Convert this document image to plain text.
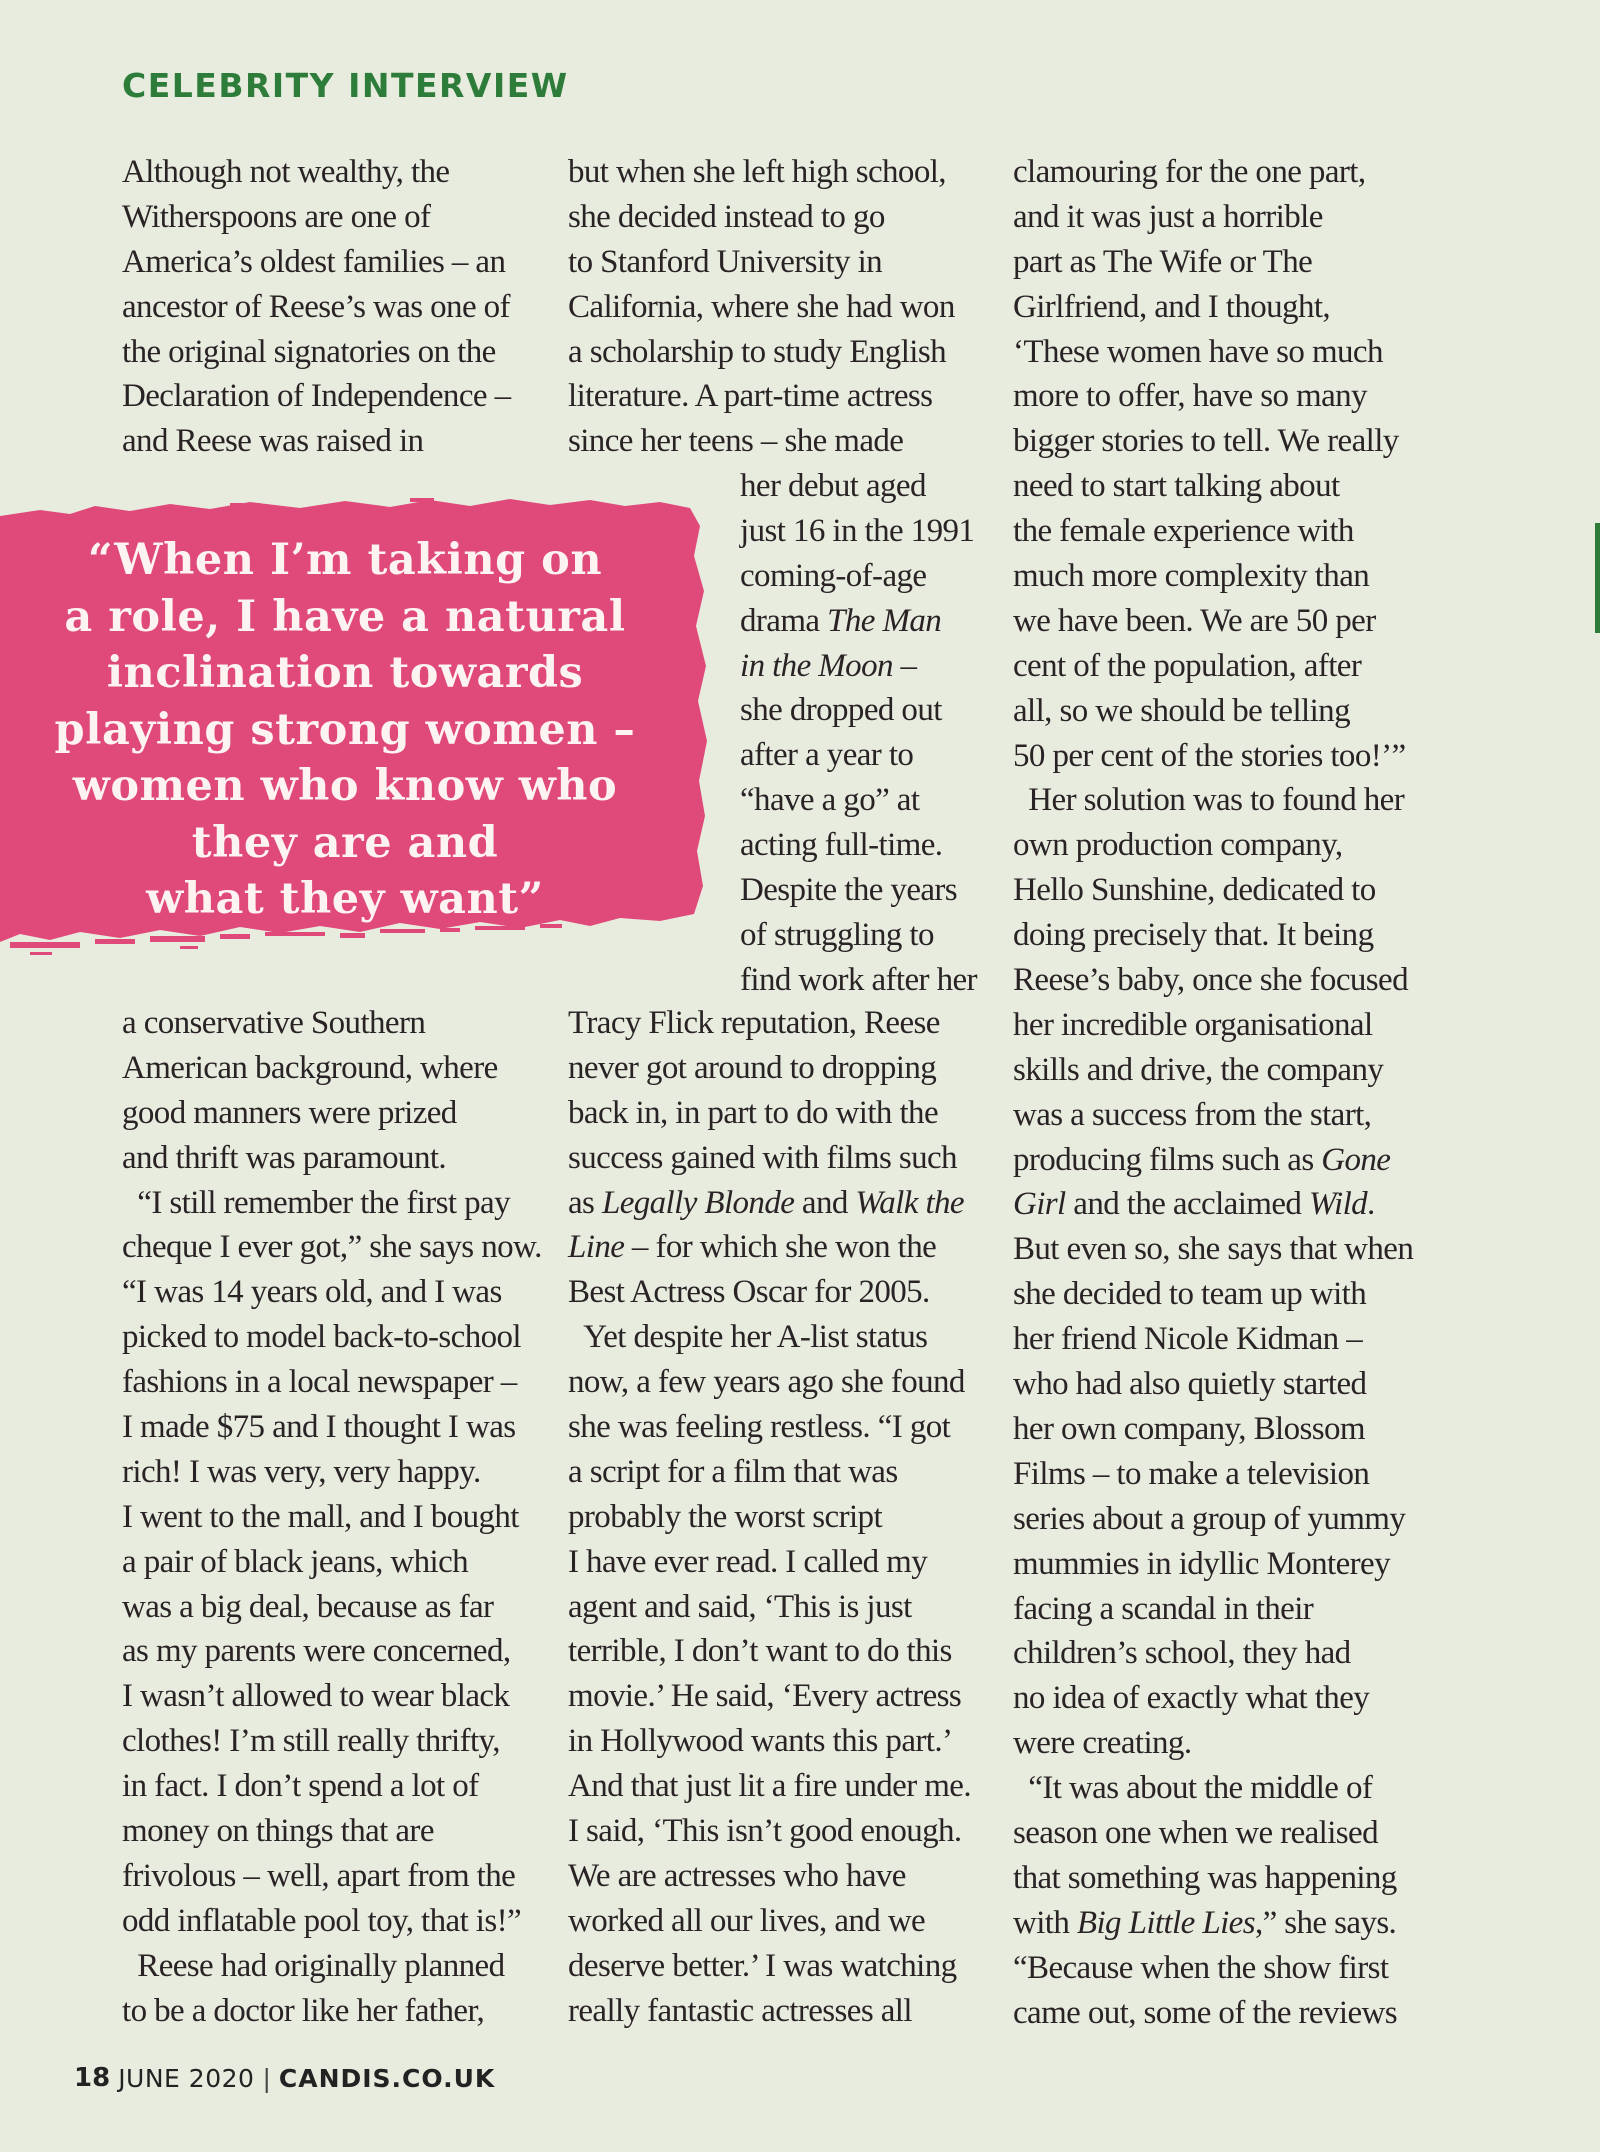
CELEBRITY INTERVIEW
Although not wealthy, the
Witherspoons are one of
America’s oldest families – an
ancestor of Reese’s was one of
the original signatories on the
Declaration of Independence –
and Reese was raised in
a conservative Southern
American background, where
good manners were prized
and thrift was paramount.
“I still remember the first pay
cheque I ever got,” she says now.
“I was 14 years old, and I was
picked to model back-to-school
fashions in a local newspaper –
I made $75 and I thought I was
rich! I was very, very happy.
I went to the mall, and I bought
a pair of black jeans, which
was a big deal, because as far
as my parents were concerned,
I wasn’t allowed to wear black
clothes! I’m still really thrifty,
in fact. I don’t spend a lot of
money on things that are
frivolous – well, apart from the
odd inflatable pool toy, that is!”
Reese had originally planned
to be a doctor like her father,
but when she left high school,
she decided instead to go
to Stanford University in
California, where she had won
a scholarship to study English
literature. A part-time actress
since her teens – she made
her debut aged
just 16 in the 1991
coming-of-age
drama The Man
in the Moon –
she dropped out
after a year to
“have a go” at
acting full-time.
Despite the years
of struggling to
find work after her
Tracy Flick reputation, Reese
never got around to dropping
back in, in part to do with the
success gained with films such
as Legally Blonde and Walk the
Line – for which she won the
Best Actress Oscar for 2005.
Yet despite her A-list status
now, a few years ago she found
she was feeling restless. “I got
a script for a film that was
probably the worst script
I have ever read. I called my
agent and said, ‘This is just
terrible, I don’t want to do this
movie.’ He said, ‘Every actress
in Hollywood wants this part.’
And that just lit a fire under me.
I said, ‘This isn’t good enough.
We are actresses who have
worked all our lives, and we
deserve better.’ I was watching
really fantastic actresses all
clamouring for the one part,
and it was just a horrible
part as The Wife or The
Girlfriend, and I thought,
‘These women have so much
more to offer, have so many
bigger stories to tell. We really
need to start talking about
the female experience with
much more complexity than
we have been. We are 50 per
cent of the population, after
all, so we should be telling
50 per cent of the stories too!’”
Her solution was to found her
own production company,
Hello Sunshine, dedicated to
doing precisely that. It being
Reese’s baby, once she focused
her incredible organisational
skills and drive, the company
was a success from the start,
producing films such as Gone
Girl and the acclaimed Wild.
But even so, she says that when
she decided to team up with
her friend Nicole Kidman –
who had also quietly started
her own company, Blossom
Films – to make a television
series about a group of yummy
mummies in idyllic Monterey
facing a scandal in their
children’s school, they had
no idea of exactly what they
were creating.
“It was about the middle of
season one when we realised
that something was happening
with Big Little Lies,” she says.
“Because when the show first
came out, some of the reviews
“When I’m taking on
a role, I have a natural
inclination towards
playing strong women –
women who know who
they are and
what they want”
18 JUNE 2020 | CANDIS.CO.UK
